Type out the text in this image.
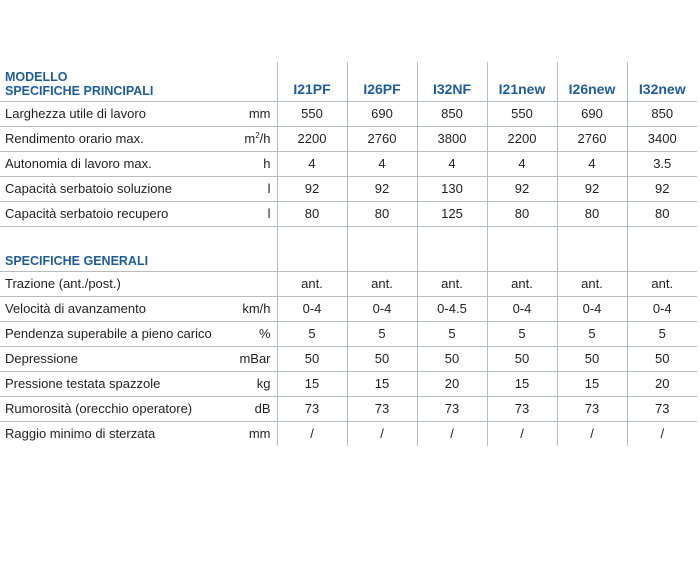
MODELLO
SPECIFICHE PRINCIPALI		I21PF	I26PF	I32NF	I21new	I26new	I32new
Larghezza utile di lavoro	mm	550	690	850	550	690	850
Rendimento orario max.	$m^2/h$	2200	2760	3800	2200	2760	3400
Autonomia di lavoro max.	h	4	4	4	4	4	3.5
Capacità serbatoio soluzione	l	92	92	130	92	92	92
Capacità serbatoio recupero	l	80	80	125	80	80	80

SPECIFICHE GENERALI							
Trazione (ant./post.)		ant.	ant.	ant.	ant.	ant.	ant.
Velocità di avanzamento	km/h	0-4	0-4	0-4.5	0-4	0-4	0-4
Pendenza superabile a pieno carico	%	5	5	5	5	5	5
Depressione	mBar	50	50	50	50	50	50
Pressione testata spazzole	kg	15	15	20	15	15	20
Rumorosità (orecchio operatore)	dB	73	73	73	73	73	73
Raggio minimo di sterzata	mm	/	/	/	/	/	/
